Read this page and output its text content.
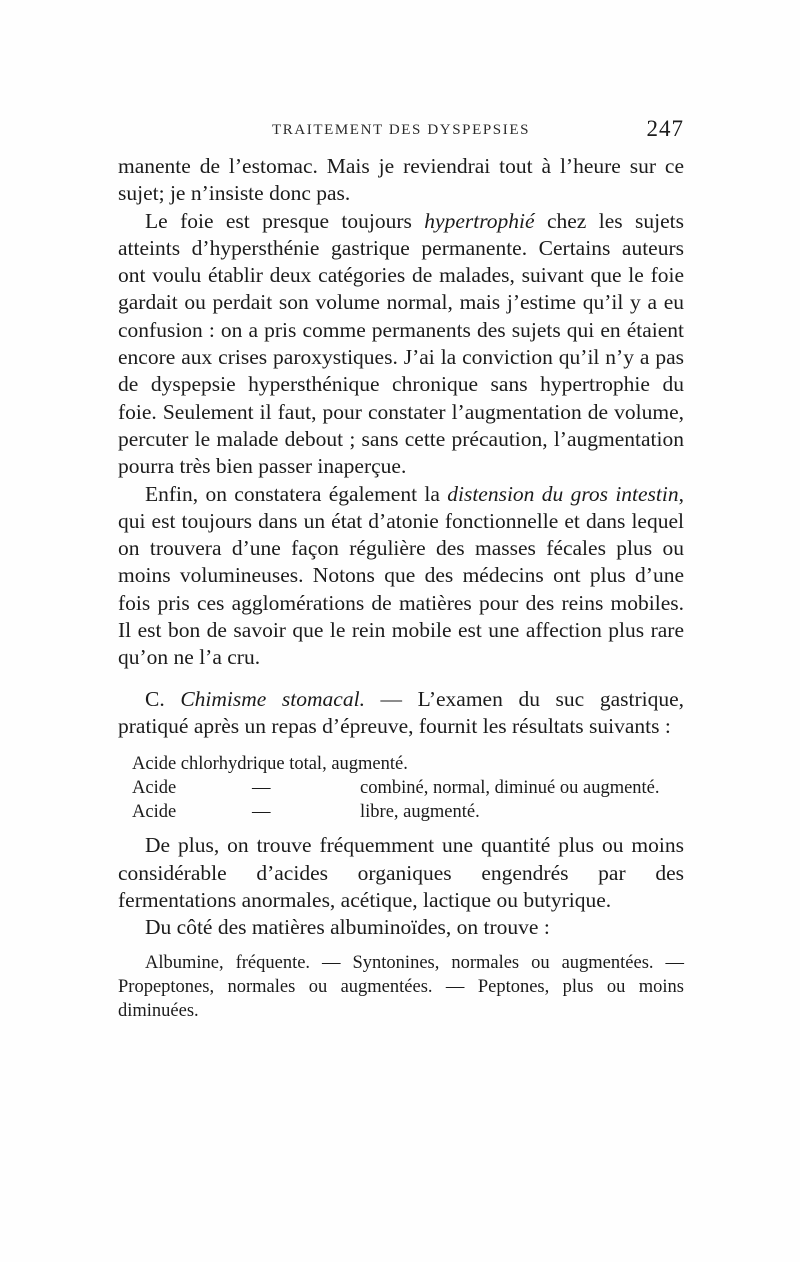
TRAITEMENT DES DYSPEPSIES	247

manente de l’estomac. Mais je reviendrai tout à l’heure sur ce sujet; je n’insiste donc pas.

Le foie est presque toujours hypertrophié chez les sujets atteints d’hypersthénie gastrique permanente. Certains auteurs ont voulu établir deux catégories de malades, suivant que le foie gardait ou perdait son volume normal, mais j’estime qu’il y a eu confusion : on a pris comme permanents des sujets qui en étaient encore aux crises paroxystiques. J’ai la conviction qu’il n’y a pas de dyspepsie hypersthénique chronique sans hypertrophie du foie. Seulement il faut, pour constater l’augmentation de volume, percuter le malade debout ; sans cette précaution, l’augmentation pourra très bien passer inaperçue.

Enfin, on constatera également la distension du gros intestin, qui est toujours dans un état d’atonie fonctionnelle et dans lequel on trouvera d’une façon régulière des masses fécales plus ou moins volumineuses. Notons que des médecins ont plus d’une fois pris ces agglomérations de matières pour des reins mobiles. Il est bon de savoir que le rein mobile est une affection plus rare qu’on ne l’a cru.

C. Chimisme stomacal. — L’examen du suc gastrique, pratiqué après un repas d’épreuve, fournit les résultats suivants :

Acide chlorhydrique total, augmenté.
Acide	—	combiné, normal, diminué ou augmenté.
Acide	—	libre, augmenté.

De plus, on trouve fréquemment une quantité plus ou moins considérable d’acides organiques engendrés par des fermentations anormales, acétique, lactique ou butyrique.

Du côté des matières albuminoïdes, on trouve :

Albumine, fréquente. — Syntonines, normales ou augmentées. — Propeptones, normales ou augmentées. — Peptones, plus ou moins diminuées.
